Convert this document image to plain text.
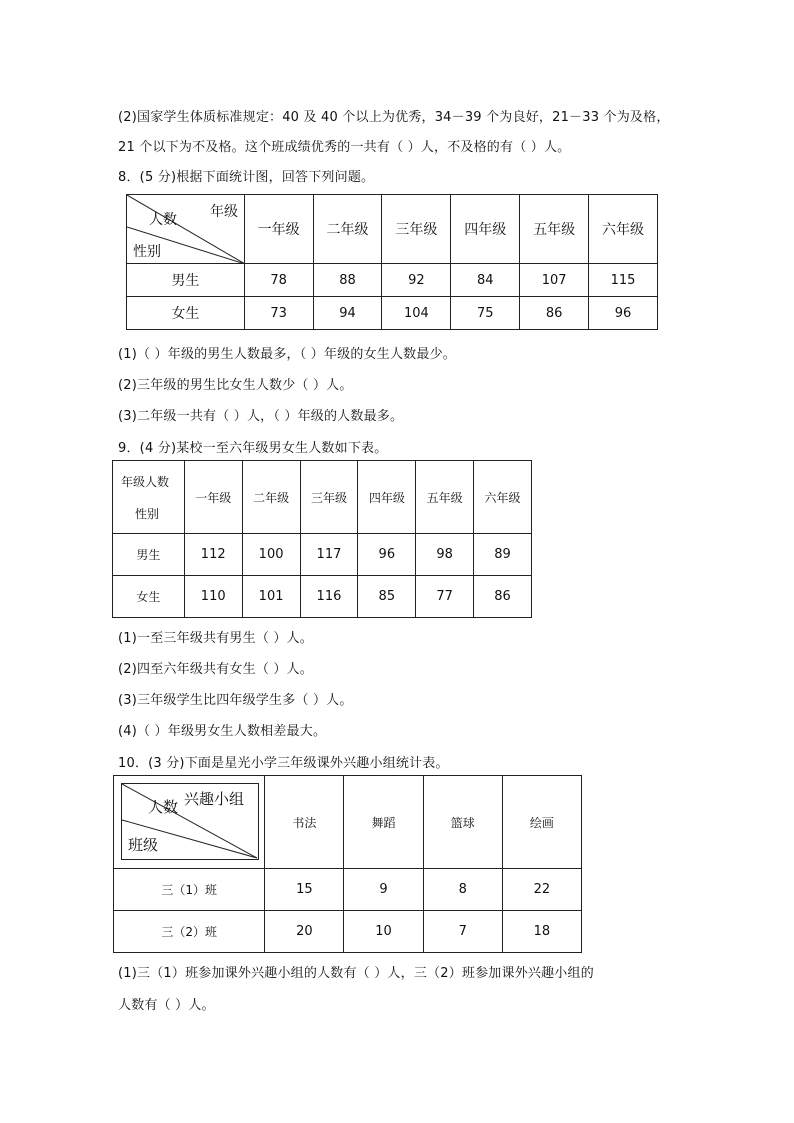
(2)国家学生体质标准规定：40 及 40 个以上为优秀，34－39 个为良好，21－33 个为及格，
21 个以下为不及格。这个班成绩优秀的一共有（ ）人，不及格的有（ ）人。
8．(5 分)根据下面统计图，回答下列问题。
年级
人数
性别	一年级	二年级	三年级	四年级	五年级	六年级
男生	78	88	92	84	107	115
女生	73	94	104	75	86	96
(1)（ ）年级的男生人数最多，（ ）年级的女生人数最少。
(2)三年级的男生比女生人数少（ ）人。
(3)二年级一共有（ ）人，（ ）年级的人数最多。
9．(4 分)某校一至六年级男女生人数如下表。
年级人数
性别	一年级	二年级	三年级	四年级	五年级	六年级
男生	112	100	117	96	98	89
女生	110	101	116	85	77	86
(1)一至三年级共有男生（ ）人。
(2)四至六年级共有女生（ ）人。
(3)三年级学生比四年级学生多（ ）人。
(4)（ ）年级男女生人数相差最大。
10．(3 分)下面是星光小学三年级课外兴趣小组统计表。
兴趣小组
人数
班级	书法	舞蹈	篮球	绘画
三（1）班	15	9	8	22
三（2）班	20	10	7	18
(1)三（1）班参加课外兴趣小组的人数有（ ）人，三（2）班参加课外兴趣小组的
人数有（ ）人。
